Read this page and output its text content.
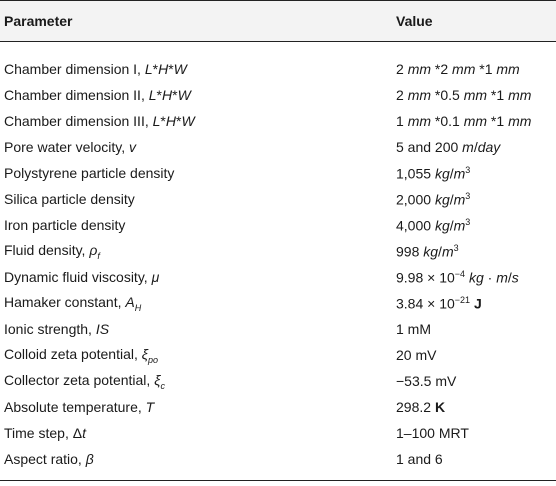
Parameter	Value
Chamber dimension I, L*H*W	2 mm *2 mm *1 mm
Chamber dimension II, L*H*W	2 mm *0.5 mm *1 mm
Chamber dimension III, L*H*W	1 mm *0.1 mm *1 mm
Pore water velocity, v	5 and 200 m/day
Polystyrene particle density	1,055 $kg/m^3$
Silica particle density	2,000 $kg/m^3$
Iron particle density	4,000 $kg/m^3$
Fluid density, $\rho_f$	998 $kg/m^3$
Dynamic fluid viscosity, μ	$9.98 \times 10^{-4}$ kg · m/s
Hamaker constant, $A_H$	$3.84 \times 10^{-21}$ J
Ionic strength, IS	1 mM
Colloid zeta potential, $\xi_{po}$	20 mV
Collector zeta potential, $\xi_c$	−53.5 mV
Absolute temperature, T	298.2 K
Time step, Δt	1–100 MRT
Aspect ratio, β	1 and 6
